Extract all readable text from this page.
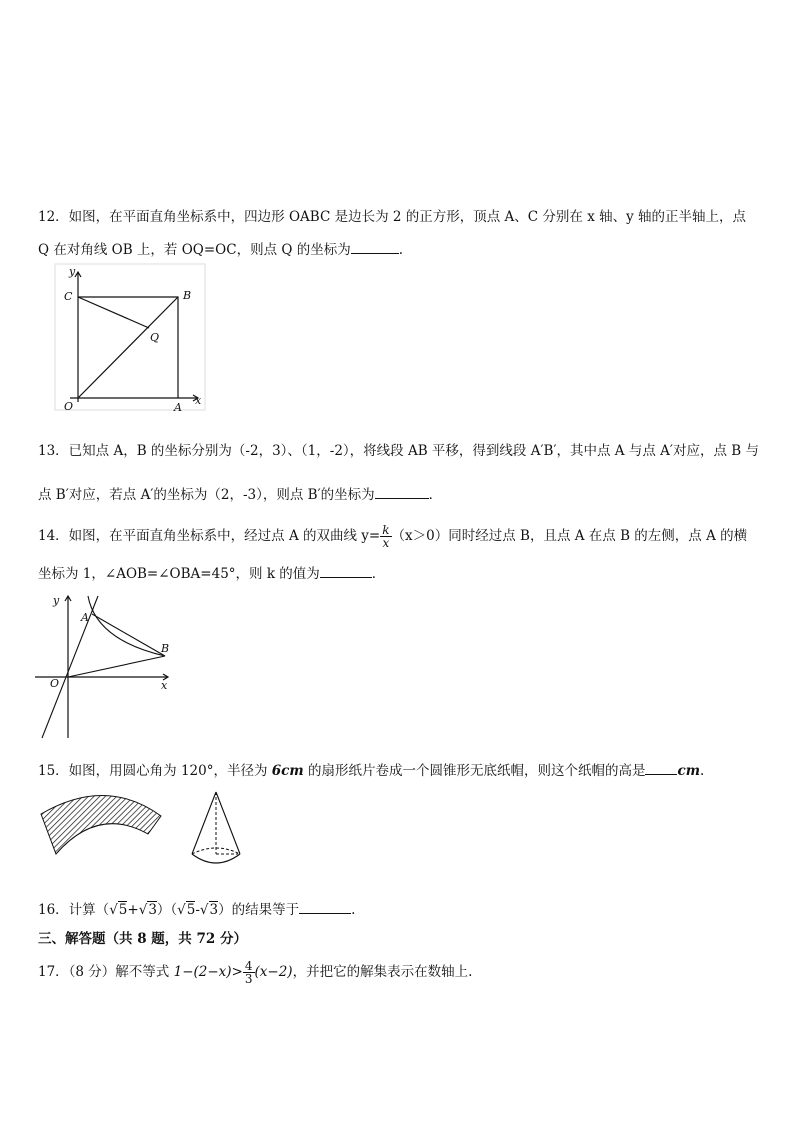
12．如图，在平面直角坐标系中，四边形 OABC 是边长为 2 的正方形，顶点 A、C 分别在 x 轴、y 轴的正半轴上，点
Q 在对角线 OB 上，若 OQ=OC，则点 Q 的坐标为	.
y
C	B
Q
O	A
x
13．已知点 A，B 的坐标分别为（-2，3）、（1，-2），将线段 AB 平移，得到线段 A′B′，其中点 A 与点 A′对应，点 B 与
点 B′对应，若点 A′的坐标为（2，-3），则点 B′的坐标为	．
14．如图，在平面直角坐标系中，经过点 A 的双曲线 $y= \frac{k}{x} (x>0)$同时经过点 B，且点 A 在点 B 的左侧，点 A 的横
坐标为 1，∠AOB=∠OBA=45°，则 k 的值为	．
y
A
B
O	x
15．如图，用圆心角为 120°，半径为 6cm 的扇形纸片卷成一个圆锥形无底纸帽，则这个纸帽的高是 cm.
16．计算（√5+√3）（√5-√3）的结果等于	.
三、解答题（共 8 题，共 72 分）
17．（8 分）解不等式 $1-(2-x)> \frac{4}{3} (x-2)$，并把它的解集表示在数轴上.
